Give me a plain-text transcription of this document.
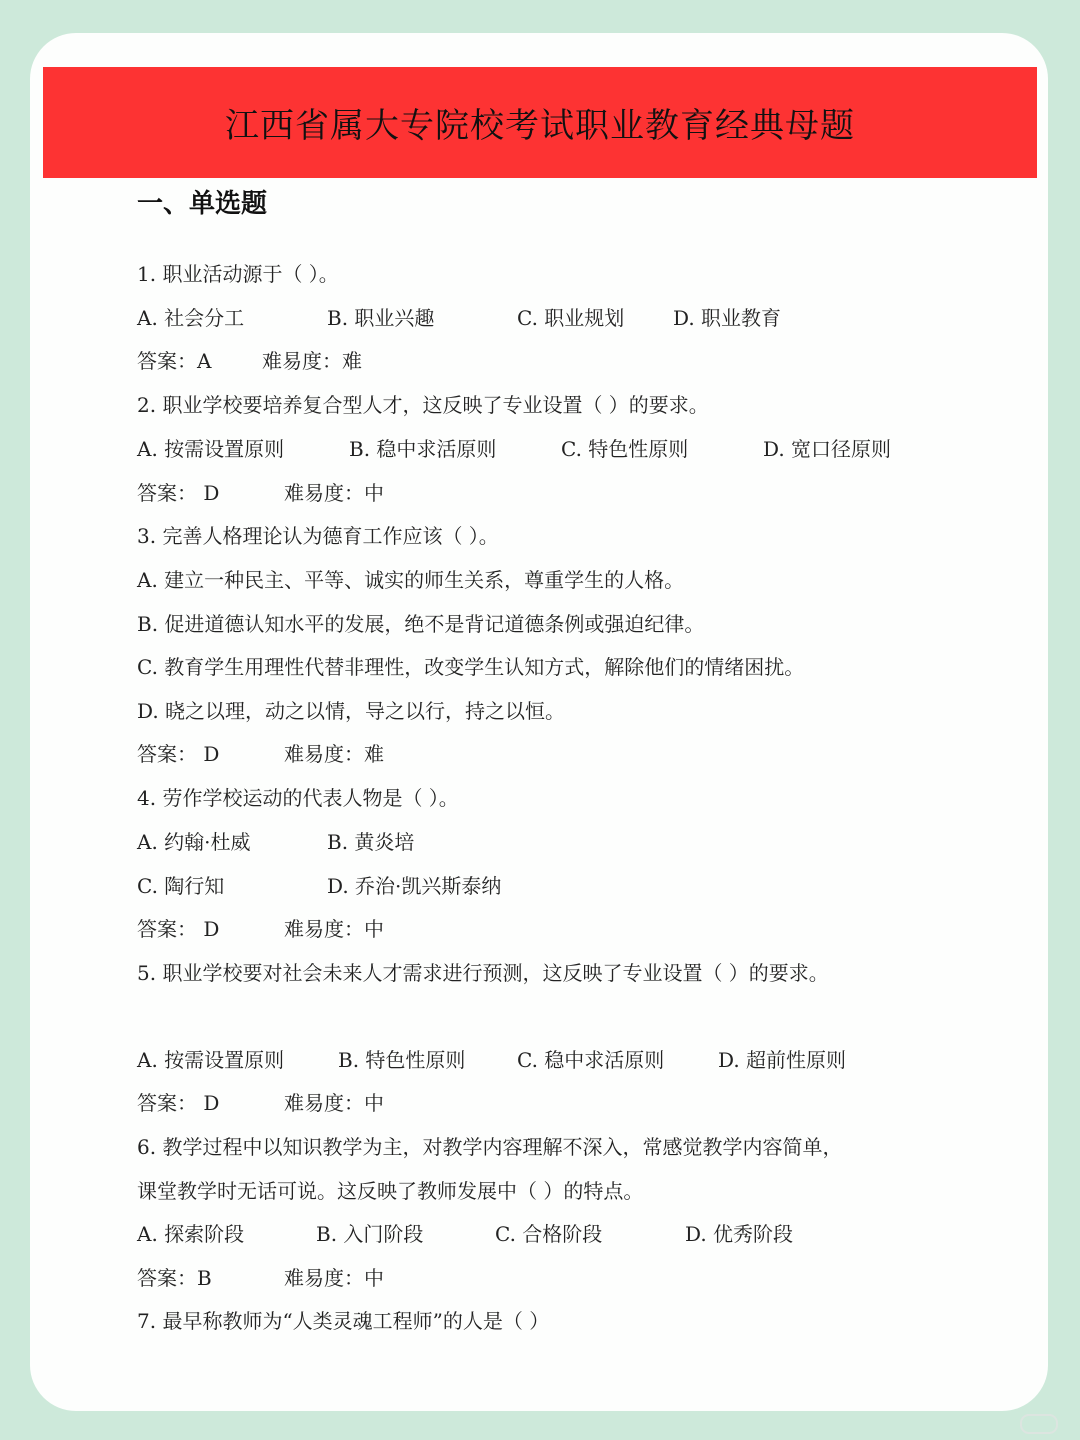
江西省属大专院校考试职业教育经典母题
一、单选题
1. 职业活动源于（ ）。
A. 社会分工	B. 职业兴趣	C. 职业规划 D. 职业教育
答案：A	难易度：难
2. 职业学校要培养复合型人才，这反映了专业设置（ ）的要求。
A. 按需设置原则	B. 稳中求活原则	C. 特色性原则	D. 宽口径原则
答案： D	难易度：中
3. 完善人格理论认为德育工作应该（ ）。
A. 建立一种民主、平等、诚实的师生关系，尊重学生的人格。
B. 促进道德认知水平的发展，绝不是背记道德条例或强迫纪律。
C. 教育学生用理性代替非理性，改变学生认知方式，解除他们的情绪困扰。
D. 晓之以理，动之以情，导之以行，持之以恒。
答案： D	难易度：难
4. 劳作学校运动的代表人物是（ ）。
A. 约翰·杜威	B. 黄炎培
C. 陶行知	D. 乔治·凯兴斯泰纳
答案： D	难易度：中
5. 职业学校要对社会未来人才需求进行预测，这反映了专业设置（ ）的要求。
A. 按需设置原则	B. 特色性原则	C. 稳中求活原则	D. 超前性原则
答案： D	难易度：中
6. 教学过程中以知识教学为主，对教学内容理解不深入，常感觉教学内容简单，
课堂教学时无话可说。这反映了教师发展中（ ）的特点。
A. 探索阶段	B. 入门阶段	C. 合格阶段	D. 优秀阶段
答案：B	难易度：中
7. 最早称教师为“人类灵魂工程师”的人是（ ）
